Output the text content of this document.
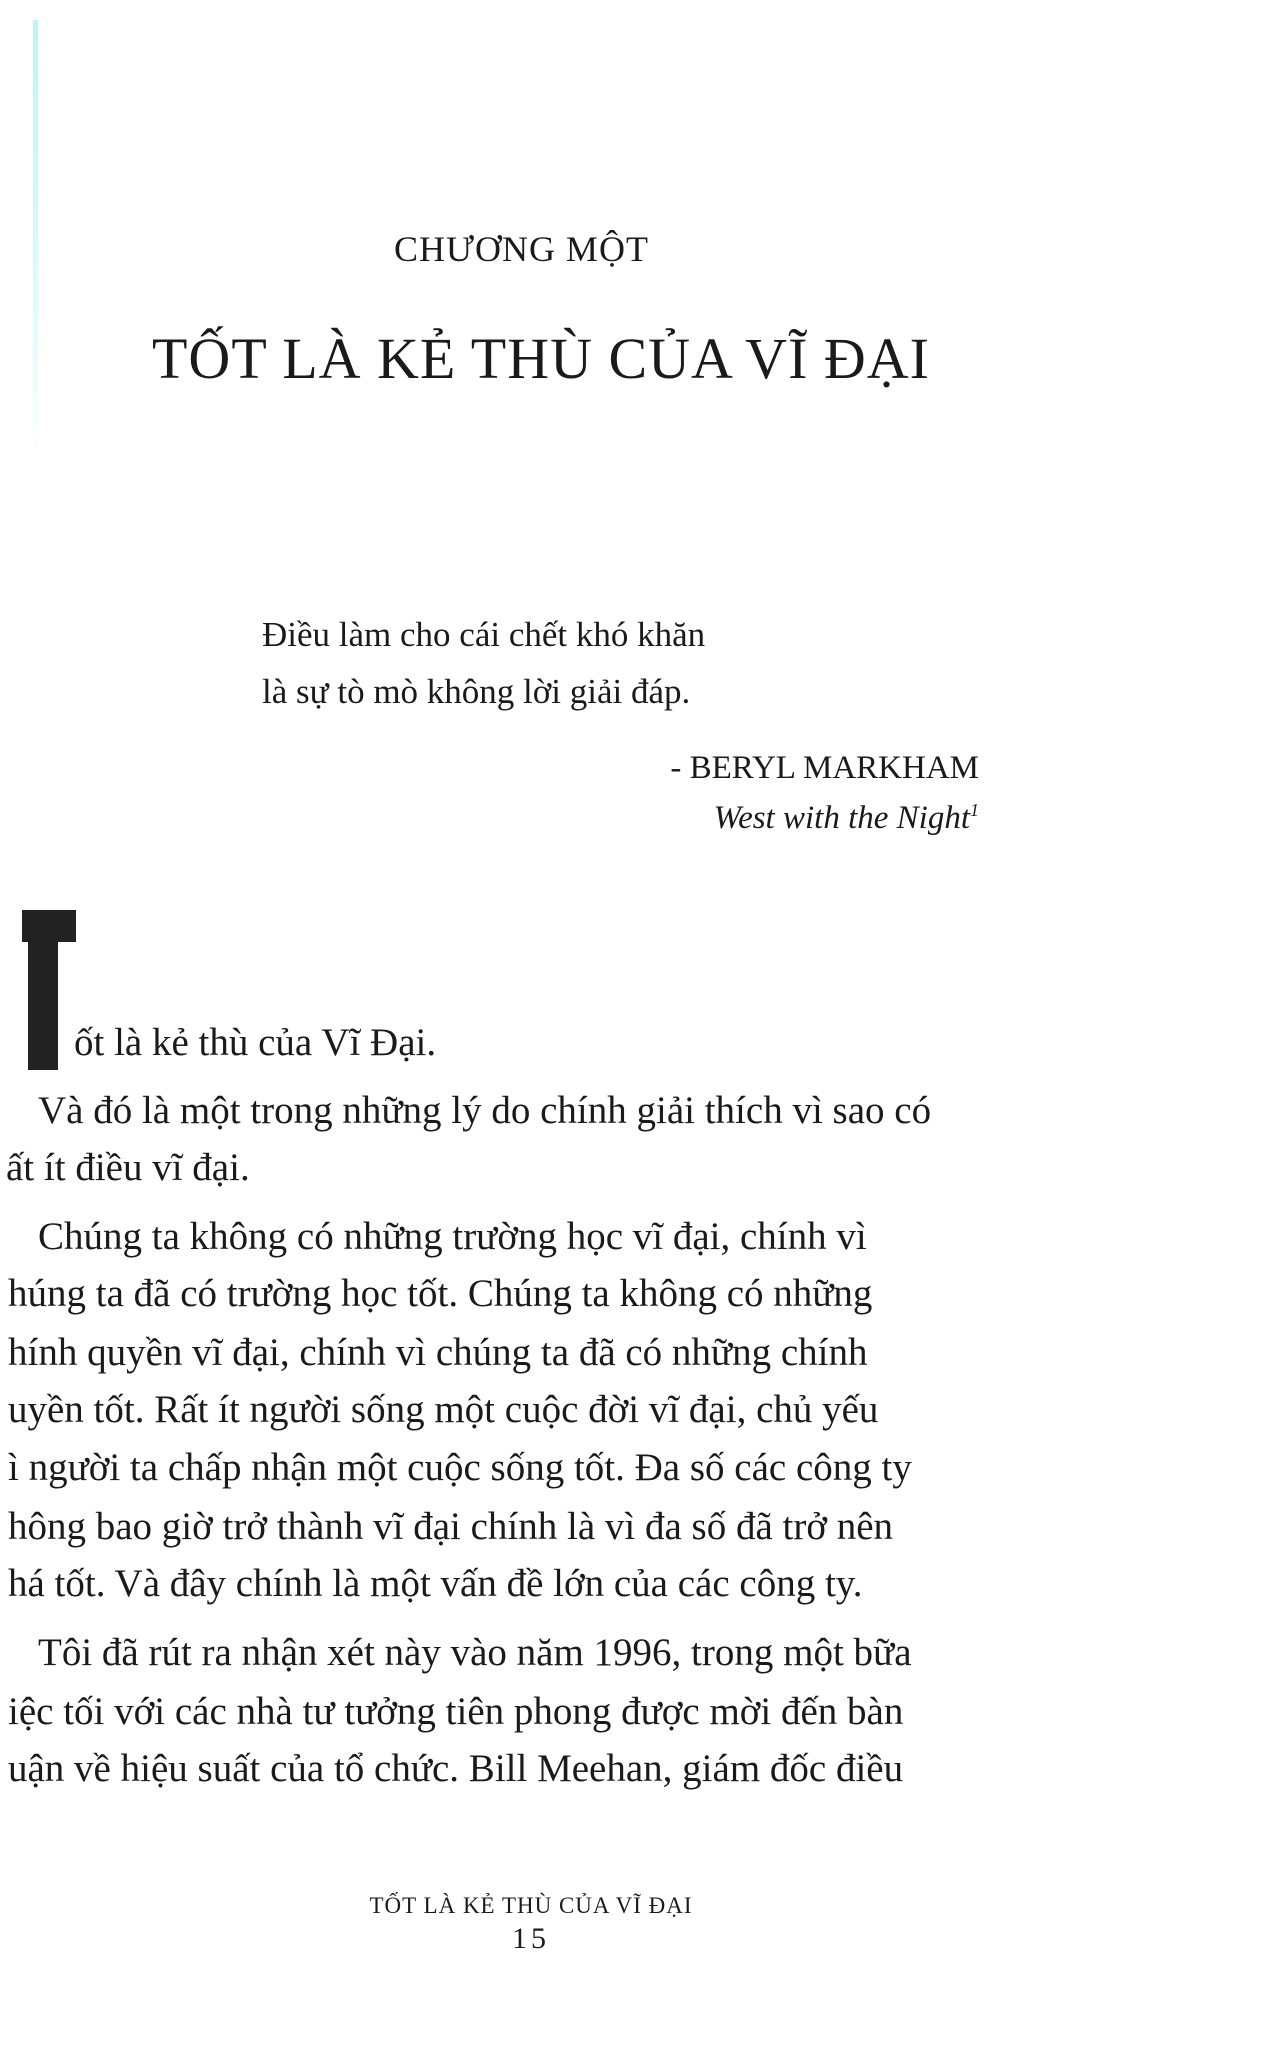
CHƯƠNG MỘT
TỐT LÀ KẺ THÙ CỦA VĨ ĐẠI
Điều làm cho cái chết khó khăn
là sự tò mò không lời giải đáp.
- BERYL MARKHAM
West with the Night$^1$
ốt là kẻ thù của Vĩ Đại.
Và đó là một trong những lý do chính giải thích vì sao có
ất ít điều vĩ đại.
Chúng ta không có những trường học vĩ đại, chính vì
húng ta đã có trường học tốt. Chúng ta không có những
hính quyền vĩ đại, chính vì chúng ta đã có những chính
uyền tốt. Rất ít người sống một cuộc đời vĩ đại, chủ yếu
ì người ta chấp nhận một cuộc sống tốt. Đa số các công ty
hông bao giờ trở thành vĩ đại chính là vì đa số đã trở nên
há tốt. Và đây chính là một vấn đề lớn của các công ty.
Tôi đã rút ra nhận xét này vào năm 1996, trong một bữa
iệc tối với các nhà tư tưởng tiên phong được mời đến bàn
uận về hiệu suất của tổ chức. Bill Meehan, giám đốc điều
TỐT LÀ KẺ THÙ CỦA VĨ ĐẠI
15
